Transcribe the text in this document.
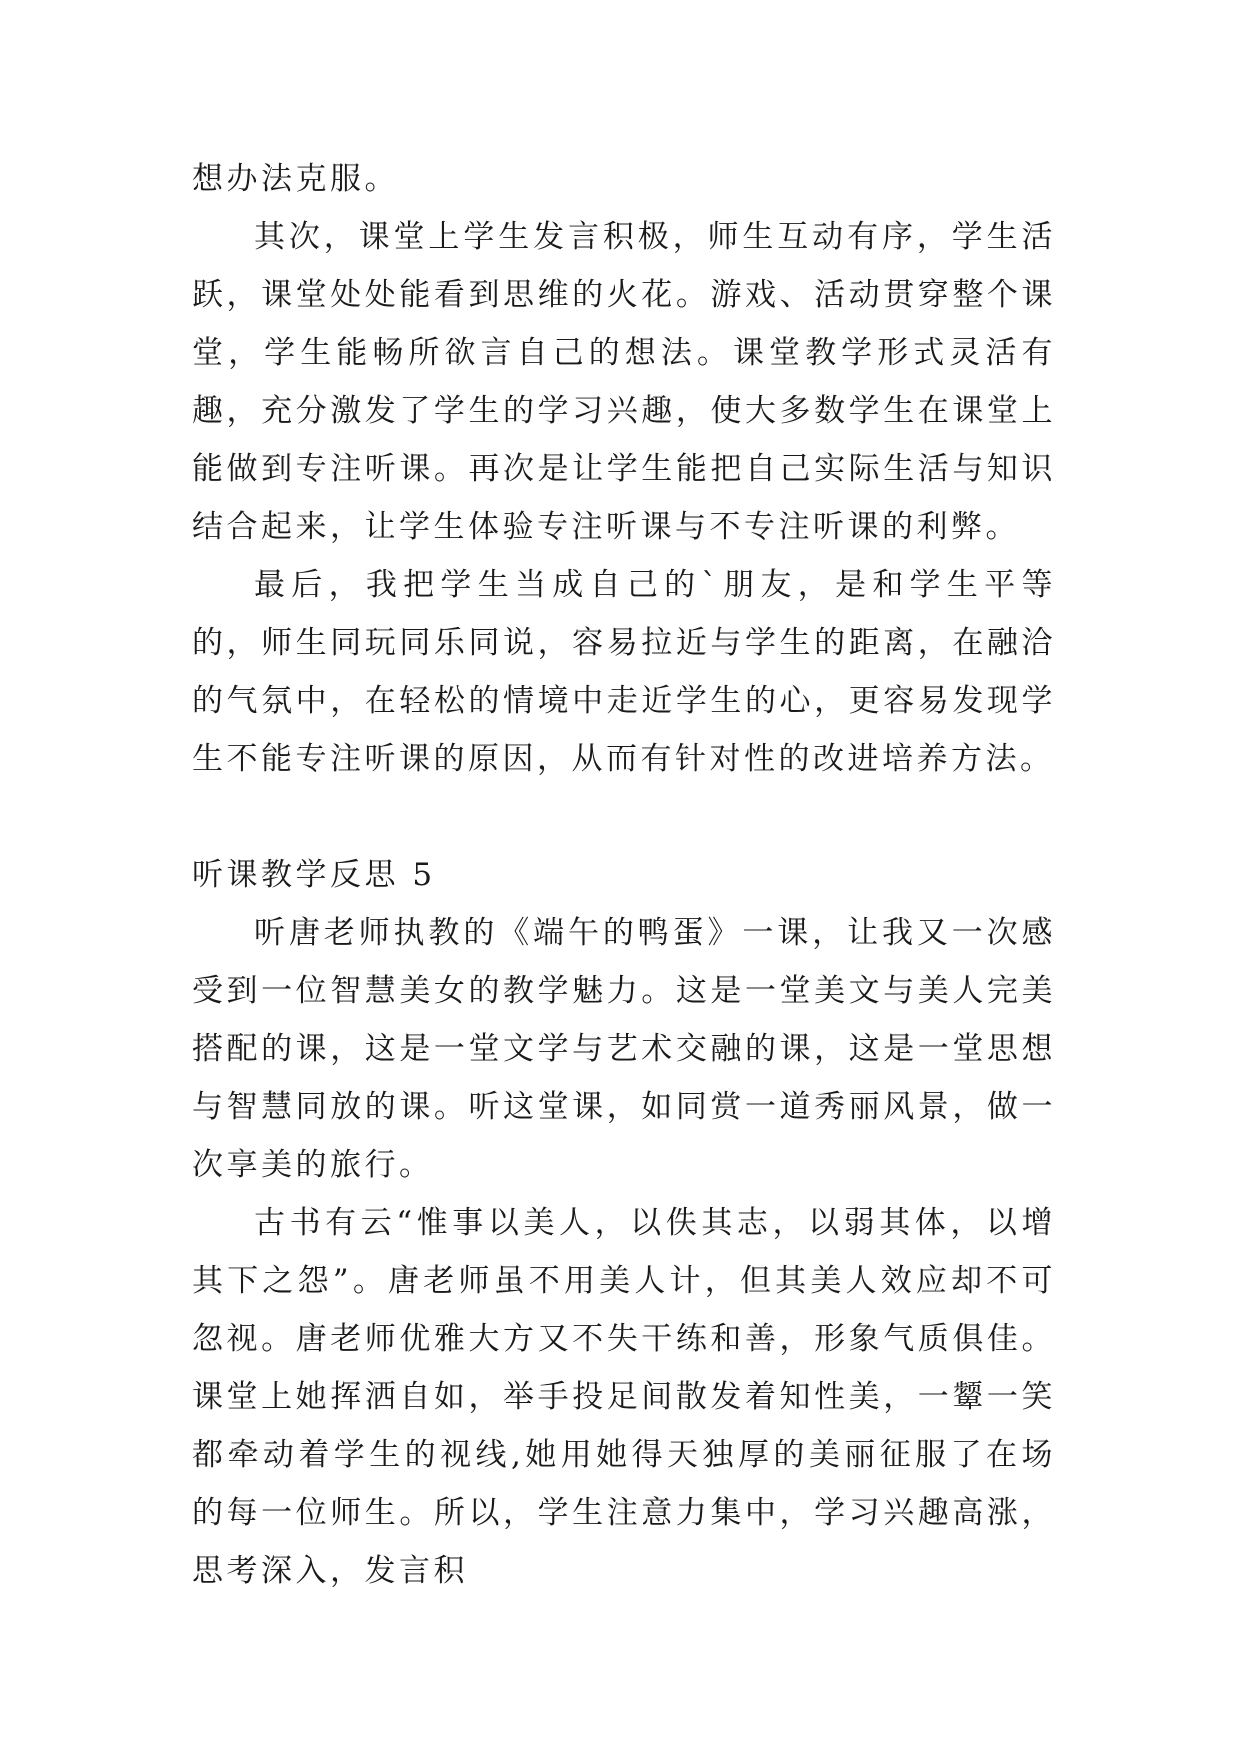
想办法克服。

其次，课堂上学生发言积极，师生互动有序，学生活跃，课堂处处能看到思维的火花。游戏、活动贯穿整个课堂，学生能畅所欲言自己的想法。课堂教学形式灵活有趣，充分激发了学生的学习兴趣，使大多数学生在课堂上能做到专注听课。再次是让学生能把自己实际生活与知识结合起来，让学生体验专注听课与不专注听课的利弊。

最后，我把学生当成自己的`朋友，是和学生平等的，师生同玩同乐同说，容易拉近与学生的距离，在融洽的气氛中，在轻松的情境中走近学生的心，更容易发现学生不能专注听课的原因，从而有针对性的改进培养方法。

听课教学反思 5

听唐老师执教的《端午的鸭蛋》一课，让我又一次感受到一位智慧美女的教学魅力。这是一堂美文与美人完美搭配的课，这是一堂文学与艺术交融的课，这是一堂思想与智慧同放的课。听这堂课，如同赏一道秀丽风景，做一次享美的旅行。

古书有云“惟事以美人，以佚其志，以弱其体，以增其下之怨”。唐老师虽不用美人计，但其美人效应却不可忽视。唐老师优雅大方又不失干练和善，形象气质俱佳。课堂上她挥洒自如，举手投足间散发着知性美，一颦一笑都牵动着学生的视线,她用她得天独厚的美丽征服了在场的每一位师生。所以，学生注意力集中，学习兴趣高涨，思考深入，发言积
